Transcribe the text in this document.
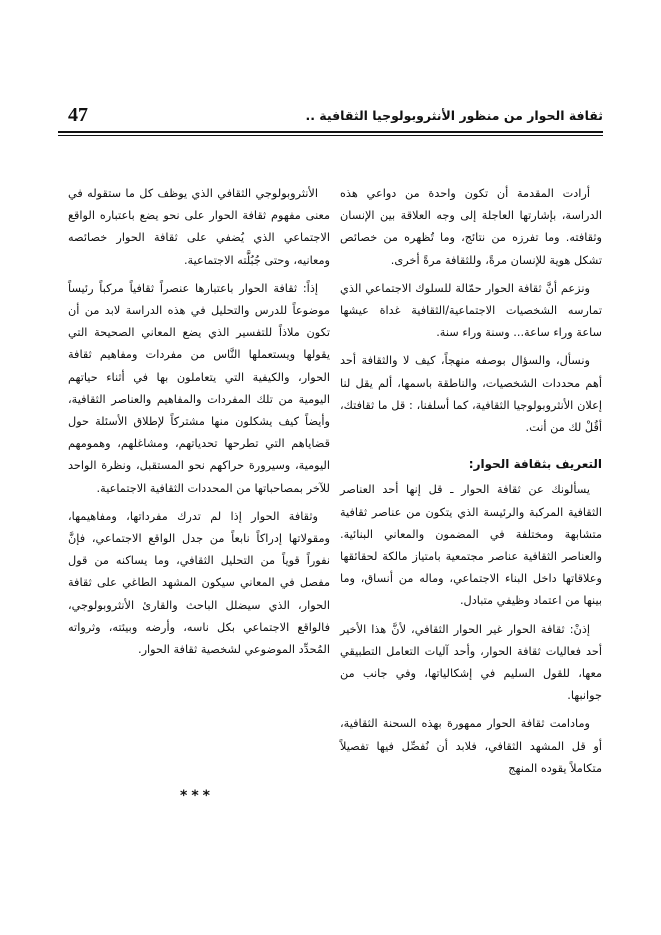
47	ثقافة الحوار من منظور الأنثروبولوجيا الثقافية ..

أرادت المقدمة أن تكون واحدة من دواعي هذه الدراسة، بإشارتها العاجلة إلى وجه العلاقة بين الإنسان وثقافته. وما تفرزه من نتائج، وما تُظهره من خصائص تشكل هوية للإنسان مرةً، وللثقافة مرةً أخرى.

ونزعم أنَّ ثقافة الحوار حمّالة للسلوك الاجتماعي الذي تمارسه الشخصيات الاجتماعية/الثقافية غداة عيشها ساعة وراء ساعة... وسنة وراء سنة.

ونسأل، والسؤال بوصفه منهجاً، كيف لا والثقافة أحد أهم محددات الشخصيات، والناطقة باسمها، ألم يقل لنا إعلان الأنثروبولوجيا الثقافية، كما أسلفنا، : قل ما ثقافتك، أقُلْ لك من أنت.

التعريف بثقافة الحوار:

يسألونك عن ثقافة الحوار ـ قل إنها أحد العناصر الثقافية المركبة والرئيسة الذي يتكون من عناصر ثقافية متشابهة ومختلفة في المضمون والمعاني البنائية. والعناصر الثقافية عناصر مجتمعية بامتياز مالكة لحقائقها وعلاقاتها داخل البناء الاجتماعي، وماله من أنساق، وما بينها من اعتماد وظيفي متبادل.

إذنْ: ثقافة الحوار غير الحوار الثقافي، لأنَّ هذا الأخير أحد فعاليات ثقافة الحوار، وأحد آليات التعامل التطبيقي معها، للقول السليم في إشكالياتها، وفي جانب من جوانبها.

ومادامت ثقافة الحوار ممهورة بهذه السحنة الثقافية، أو قل المشهد الثقافي، فلابد أن نُفصِّل فيها تفصيلاً متكاملاً يقوده المنهج

الأنثروبولوجي الثقافي الذي يوظف كل ما ستقوله في معنى مفهوم ثقافة الحوار على نحو يضع باعتباره الواقع الاجتماعي الذي يُضفي على ثقافة الحوار خصائصه ومعانيه، وحتى جُبُلَّته الاجتماعية.

إذاً: ثقافة الحوار باعتبارها عنصراً ثقافياً مركباً رئيساً موضوعاً للدرس والتحليل في هذه الدراسة لابد من أن تكون ملاذاً للتفسير الذي يضع المعاني الصحيحة التي يقولها ويستعملها النَّاس من مفردات ومفاهيم ثقافة الحوار، والكيفية التي يتعاملون بها في أثناء حياتهم اليومية من تلك المفردات والمفاهيم والعناصر الثقافية، وأيضاً كيف يشكلون منها مشتركاً لإطلاق الأسئلة حول قضاياهم التي تطرحها تحدياتهم، ومشاغلهم، وهمومهم اليومية، وسيرورة حراكهم نحو المستقبل، ونظرة الواحد للآخر بمصاحباتها من المحددات الثقافية الاجتماعية.

وثقافة الحوار إذا لم تدرك مفرداتها، ومفاهيمها، ومقولاتها إدراكاً نابعاً من جدل الواقع الاجتماعي، فإنَّ نفوراً قوياً من التحليل الثقافي، وما يساكنه من قول مفصل في المعاني سيكون المشهد الطاغي على ثقافة الحوار، الذي سيضلل الباحث والقارئ الأنثروبولوجي، فالواقع الاجتماعي بكل ناسه، وأرضه وبيئته، وثرواته المُحدِّد الموضوعي لشخصية ثقافة الحوار.

***
